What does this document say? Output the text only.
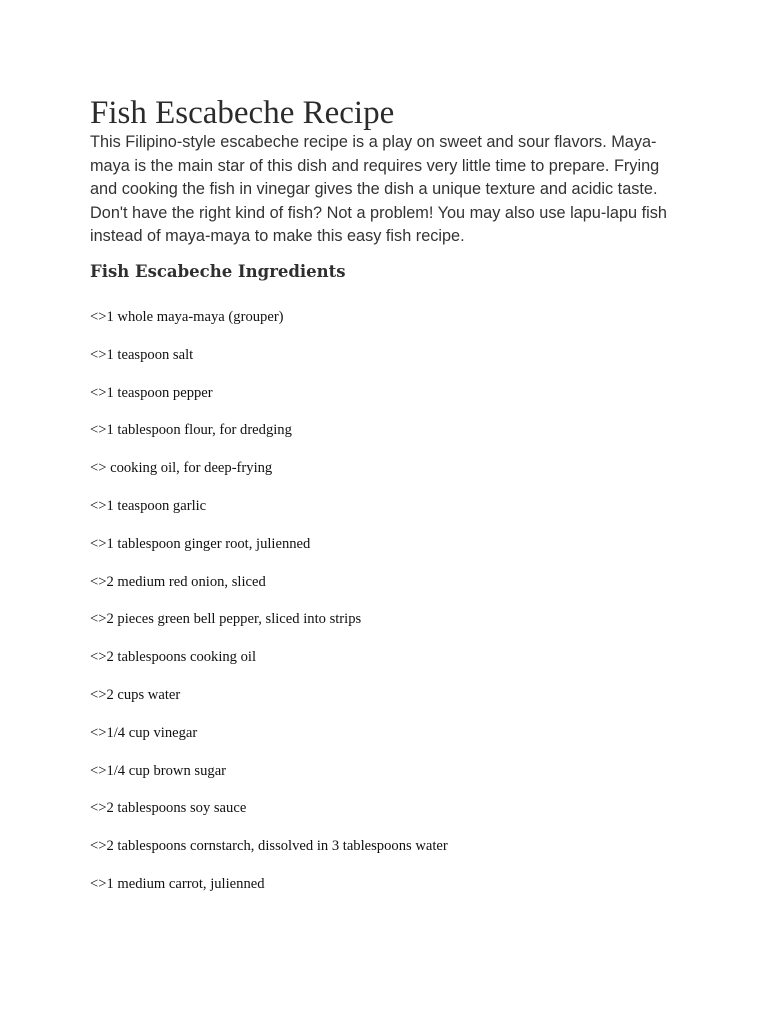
Fish Escabeche Recipe

This Filipino-style escabeche recipe is a play on sweet and sour flavors. Maya-maya is the main star of this dish and requires very little time to prepare. Frying and cooking the fish in vinegar gives the dish a unique texture and acidic taste. Don't have the right kind of fish? Not a problem! You may also use lapu-lapu fish instead of maya-maya to make this easy fish recipe.

Fish Escabeche Ingredients
<>1 whole maya-maya (grouper)
<>1 teaspoon salt
<>1 teaspoon pepper
<>1 tablespoon flour, for dredging
<> cooking oil, for deep-frying
<>1 teaspoon garlic
<>1 tablespoon ginger root, julienned
<>2 medium red onion, sliced
<>2 pieces green bell pepper, sliced into strips
<>2 tablespoons cooking oil
<>2 cups water
<>1/4 cup vinegar
<>1/4 cup brown sugar
<>2 tablespoons soy sauce
<>2 tablespoons cornstarch, dissolved in 3 tablespoons water
<>1 medium carrot, julienned
